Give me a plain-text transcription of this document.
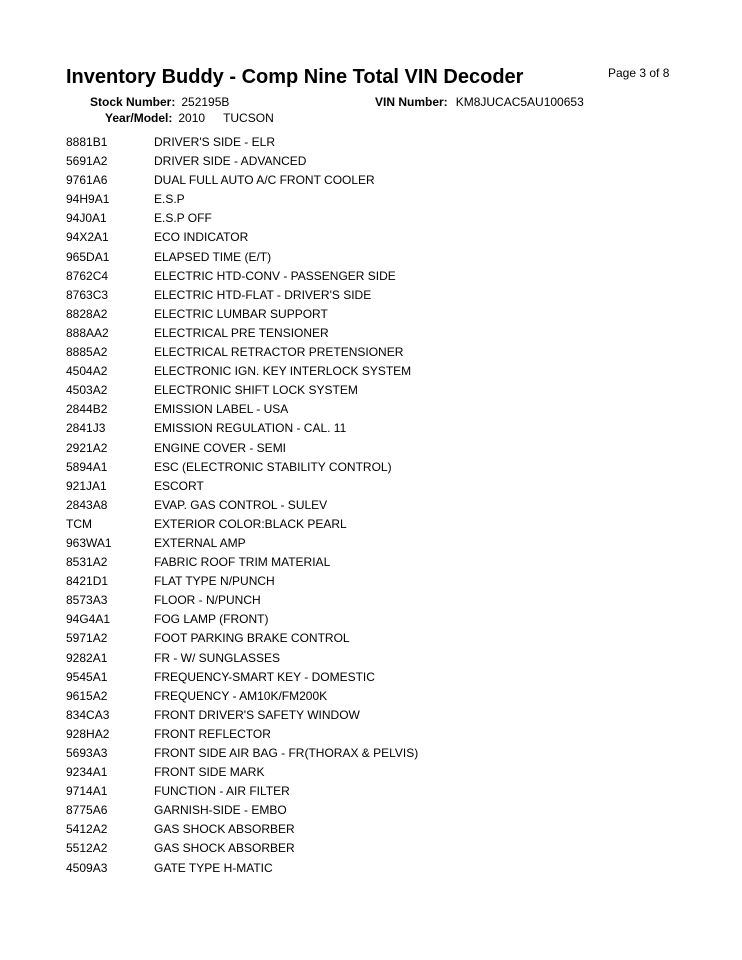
Page 3 of 8
Inventory Buddy - Comp Nine Total VIN Decoder
Stock Number: 252195B	VIN Number: KM8JUCAC5AU100653
Year/Model: 2010 TUCSON
8881B1	DRIVER'S SIDE - ELR
5691A2	DRIVER SIDE - ADVANCED
9761A6	DUAL FULL AUTO A/C FRONT COOLER
94H9A1	E.S.P
94J0A1	E.S.P OFF
94X2A1	ECO INDICATOR
965DA1	ELAPSED TIME (E/T)
8762C4	ELECTRIC HTD-CONV - PASSENGER SIDE
8763C3	ELECTRIC HTD-FLAT - DRIVER'S SIDE
8828A2	ELECTRIC LUMBAR SUPPORT
888AA2	ELECTRICAL PRE TENSIONER
8885A2	ELECTRICAL RETRACTOR PRETENSIONER
4504A2	ELECTRONIC IGN. KEY INTERLOCK SYSTEM
4503A2	ELECTRONIC SHIFT LOCK SYSTEM
2844B2	EMISSION LABEL - USA
2841J3	EMISSION REGULATION - CAL. 11
2921A2	ENGINE COVER - SEMI
5894A1	ESC (ELECTRONIC STABILITY CONTROL)
921JA1	ESCORT
2843A8	EVAP. GAS CONTROL - SULEV
TCM	EXTERIOR COLOR:BLACK PEARL
963WA1	EXTERNAL AMP
8531A2	FABRIC ROOF TRIM MATERIAL
8421D1	FLAT TYPE N/PUNCH
8573A3	FLOOR - N/PUNCH
94G4A1	FOG LAMP (FRONT)
5971A2	FOOT PARKING BRAKE CONTROL
9282A1	FR - W/ SUNGLASSES
9545A1	FREQUENCY-SMART KEY - DOMESTIC
9615A2	FREQUENCY - AM10K/FM200K
834CA3	FRONT DRIVER'S SAFETY WINDOW
928HA2	FRONT REFLECTOR
5693A3	FRONT SIDE AIR BAG - FR(THORAX & PELVIS)
9234A1	FRONT SIDE MARK
9714A1	FUNCTION - AIR FILTER
8775A6	GARNISH-SIDE - EMBO
5412A2	GAS SHOCK ABSORBER
5512A2	GAS SHOCK ABSORBER
4509A3	GATE TYPE H-MATIC
